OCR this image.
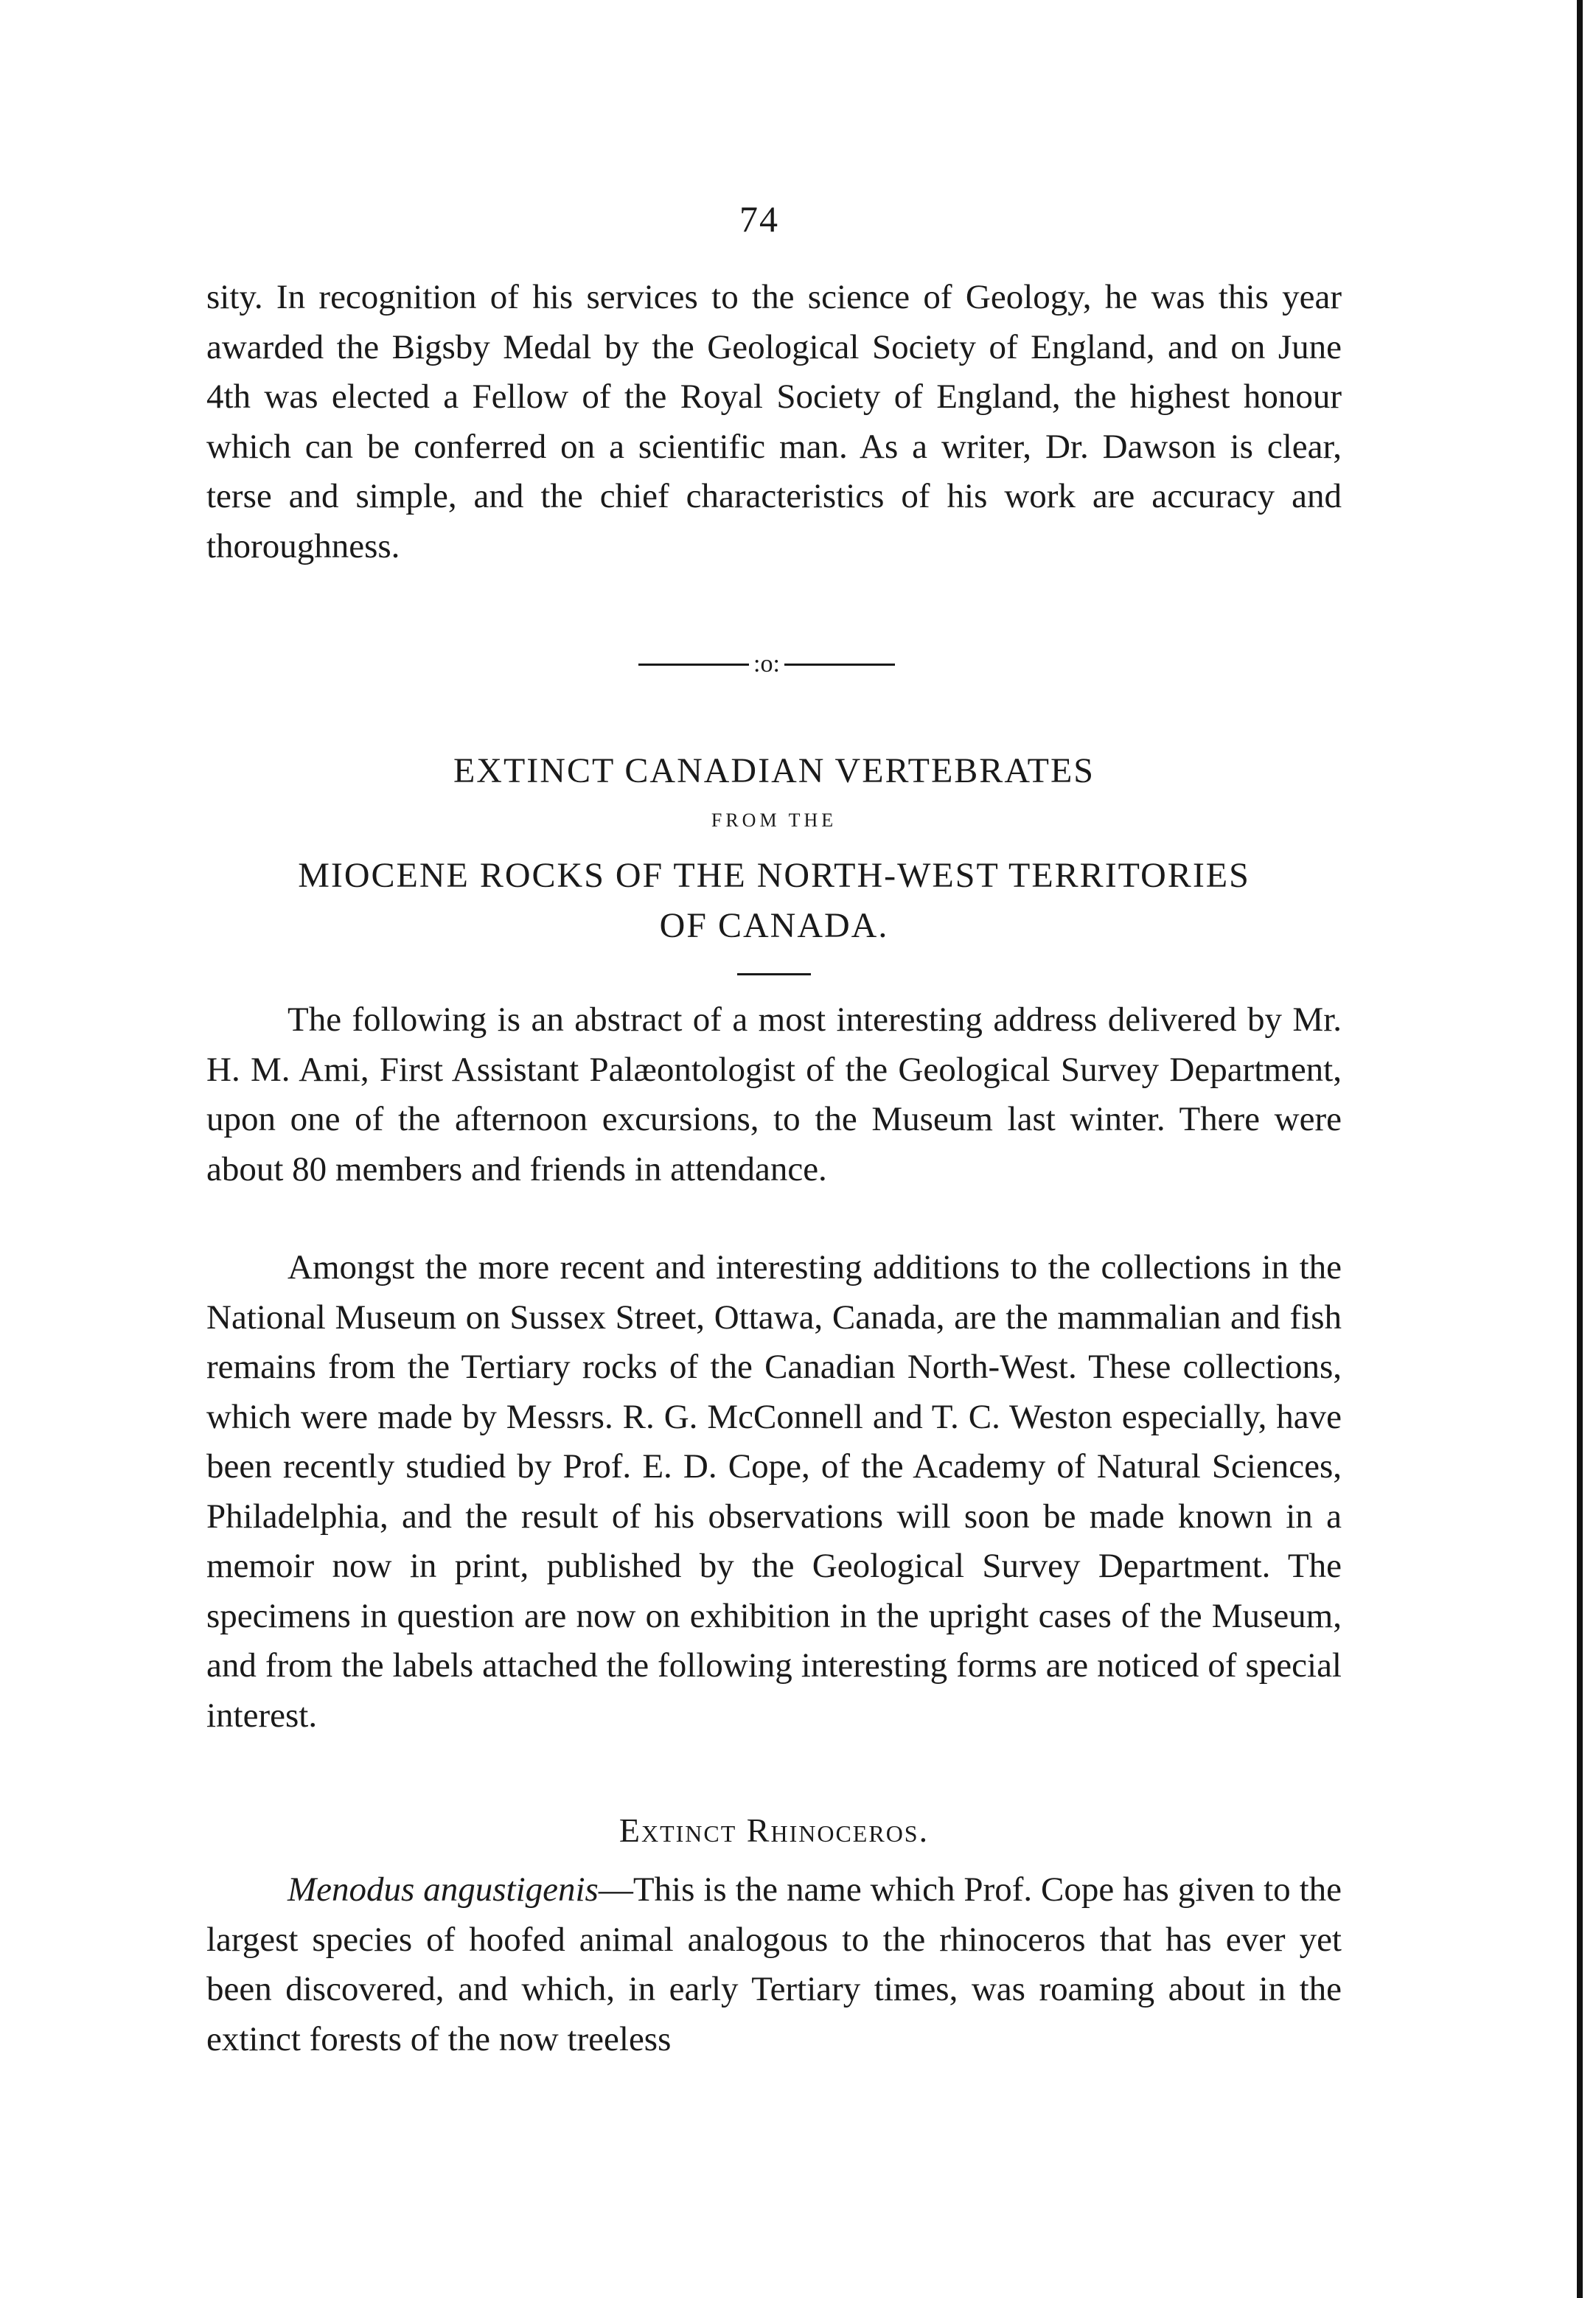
74

sity. In recognition of his services to the science of Geology, he was this year awarded the Bigsby Medal by the Geological Society of England, and on June 4th was elected a Fellow of the Royal Society of England, the highest honour which can be conferred on a scientific man. As a writer, Dr. Dawson is clear, terse and simple, and the chief characteristics of his work are accuracy and thoroughness.

:o:
EXTINCT CANADIAN VERTEBRATES
FROM THE
MIOCENE ROCKS OF THE NORTH-WEST TERRITORIES
OF CANADA.

The following is an abstract of a most interesting address delivered by Mr. H. M. Ami, First Assistant Palæontologist of the Geological Survey Department, upon one of the afternoon excursions, to the Museum last winter. There were about 80 members and friends in attendance.

Amongst the more recent and interesting additions to the collections in the National Museum on Sussex Street, Ottawa, Canada, are the mammalian and fish remains from the Tertiary rocks of the Canadian North-West. These collections, which were made by Messrs. R. G. McConnell and T. C. Weston especially, have been recently studied by Prof. E. D. Cope, of the Academy of Natural Sciences, Philadelphia, and the result of his observations will soon be made known in a memoir now in print, published by the Geological Survey Department. The specimens in question are now on exhibition in the upright cases of the Museum, and from the labels attached the following interesting forms are noticed of special interest.

Extinct Rhinoceros.

Menodus angustigenis—This is the name which Prof. Cope has given to the largest species of hoofed animal analogous to the rhinoceros that has ever yet been discovered, and which, in early Tertiary times, was roaming about in the extinct forests of the now treeless
